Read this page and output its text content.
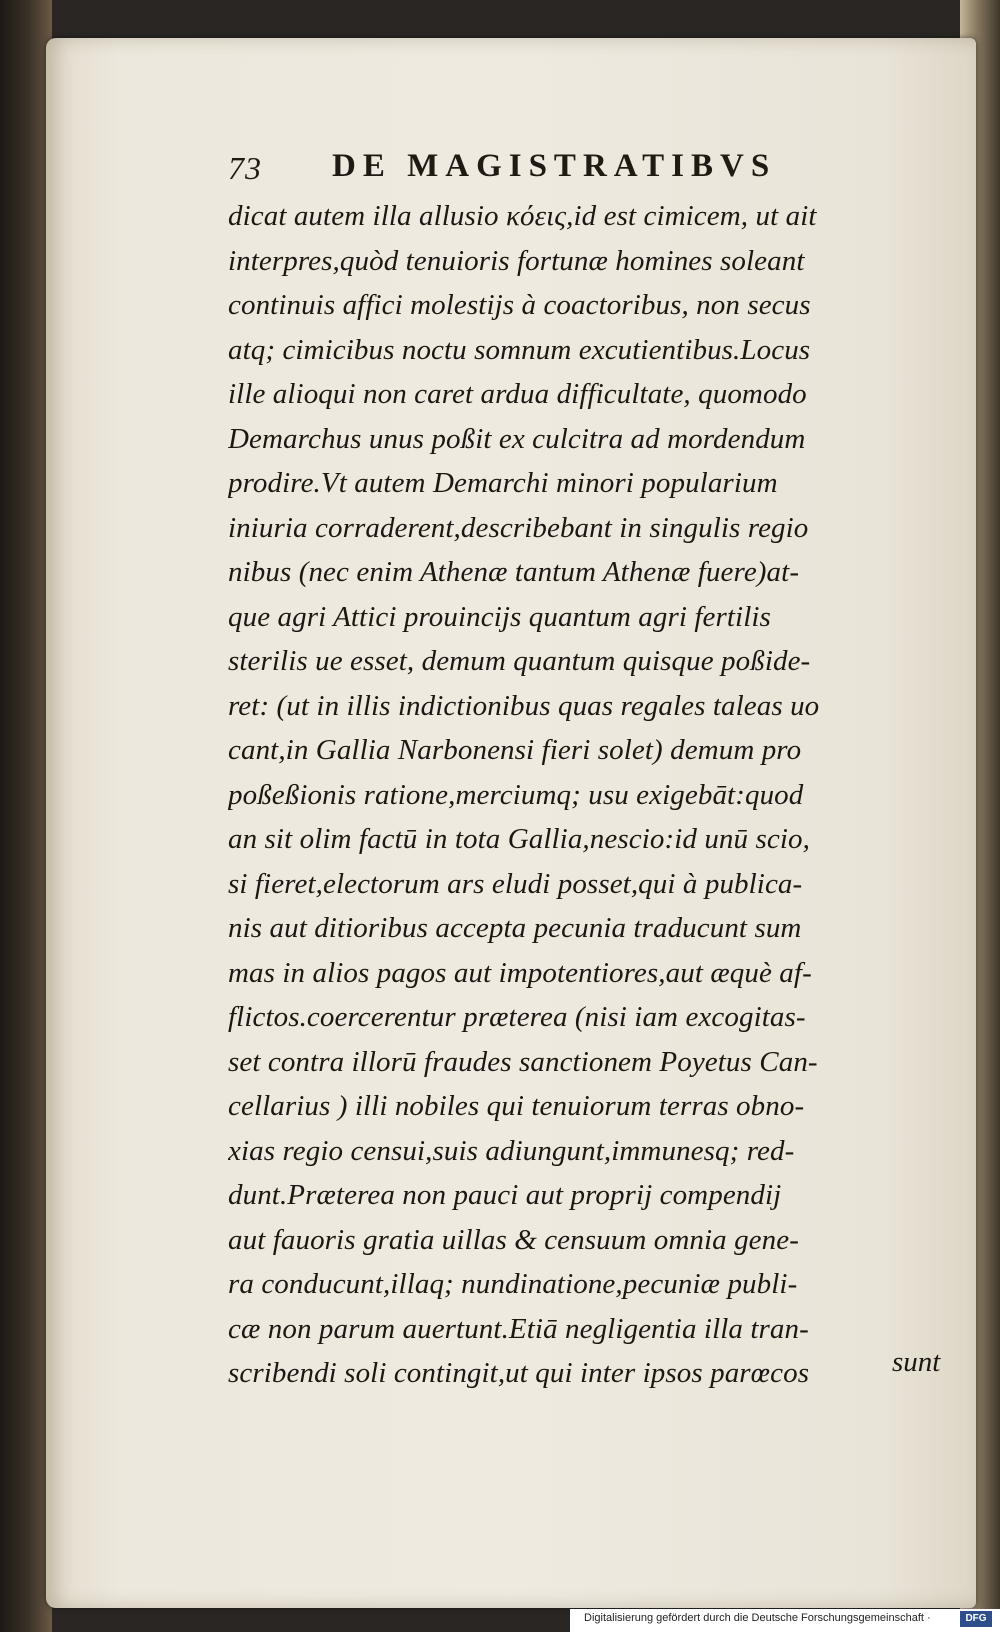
73 DE MAGISTRATIBVS
dicat autem illa allusio κόεις,id est cimicem, ut ait
interpres,quòd tenuioris fortunæ homines soleant
continuis affici molestijs à coactoribus, non secus
atq; cimicibus noctu somnum excutientibus.Locus
ille alioqui non caret ardua difficultate, quomodo
Demarchus unus poßit ex culcitra ad mordendum
prodire.Vt autem Demarchi minori popularium
iniuria corraderent,describebant in singulis regio
nibus (nec enim Athenæ tantum Athenæ fuere)at-
que agri Attici prouincijs quantum agri fertilis
sterilis ue esset, demum quantum quisque poßide-
ret: (ut in illis indictionibus quas regales taleas uo
cant,in Gallia Narbonensi fieri solet) demum pro
poßeßionis ratione,merciumq; usu exigebāt:quod
an sit olim factū in tota Gallia,nescio:id unū scio,
si fieret,electorum ars eludi posset,qui à publica-
nis aut ditioribus accepta pecunia traducunt sum
mas in alios pagos aut impotentiores,aut æquè af-
flictos.coercerentur præterea (nisi iam excogitas-
set contra illorū fraudes sanctionem Poyetus Can-
cellarius ) illi nobiles qui tenuiorum terras obno-
xias regio censui,suis adiungunt,immunesq; red-
dunt.Præterea non pauci aut proprij compendij
aut fauoris gratia uillas & censuum omnia gene-
ra conducunt,illaq; nundinatione,pecuniæ publi-
cæ non parum auertunt.Etiā negligentia illa tran-
scribendi soli contingit,ut qui inter ipsos parœcos	sunt
Digitalisierung gefördert durch die Deutsche Forschungsgemeinschaft ·	DFG
